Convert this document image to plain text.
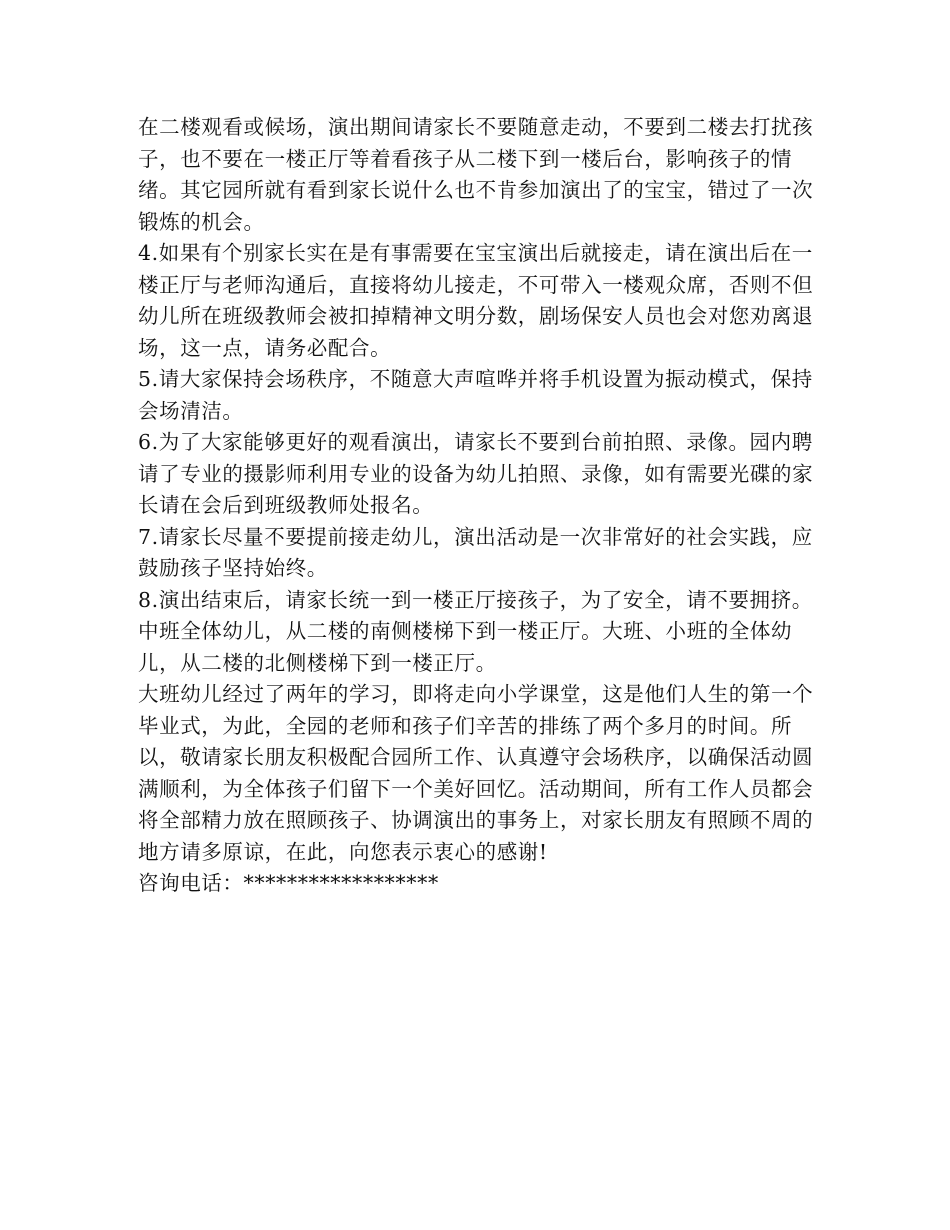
在二楼观看或候场，演出期间请家长不要随意走动，不要到二楼去打扰孩子，也不要在一楼正厅等着看孩子从二楼下到一楼后台，影响孩子的情绪。其它园所就有看到家长说什么也不肯参加演出了的宝宝，错过了一次锻炼的机会。

4.如果有个别家长实在是有事需要在宝宝演出后就接走，请在演出后在一楼正厅与老师沟通后，直接将幼儿接走，不可带入一楼观众席，否则不但幼儿所在班级教师会被扣掉精神文明分数，剧场保安人员也会对您劝离退场，这一点，请务必配合。

5.请大家保持会场秩序，不随意大声喧哗并将手机设置为振动模式，保持会场清洁。

6.为了大家能够更好的观看演出，请家长不要到台前拍照、录像。园内聘请了专业的摄影师利用专业的设备为幼儿拍照、录像，如有需要光碟的家长请在会后到班级教师处报名。

7.请家长尽量不要提前接走幼儿，演出活动是一次非常好的社会实践，应鼓励孩子坚持始终。

8.演出结束后，请家长统一到一楼正厅接孩子，为了安全，请不要拥挤。中班全体幼儿，从二楼的南侧楼梯下到一楼正厅。大班、小班的全体幼儿，从二楼的北侧楼梯下到一楼正厅。

大班幼儿经过了两年的学习，即将走向小学课堂，这是他们人生的第一个毕业式，为此，全园的老师和孩子们辛苦的排练了两个多月的时间。所以，敬请家长朋友积极配合园所工作、认真遵守会场秩序，以确保活动圆满顺利，为全体孩子们留下一个美好回忆。活动期间，所有工作人员都会将全部精力放在照顾孩子、协调演出的事务上，对家长朋友有照顾不周的地方请多原谅，在此，向您表示衷心的感谢!

咨询电话：******************
